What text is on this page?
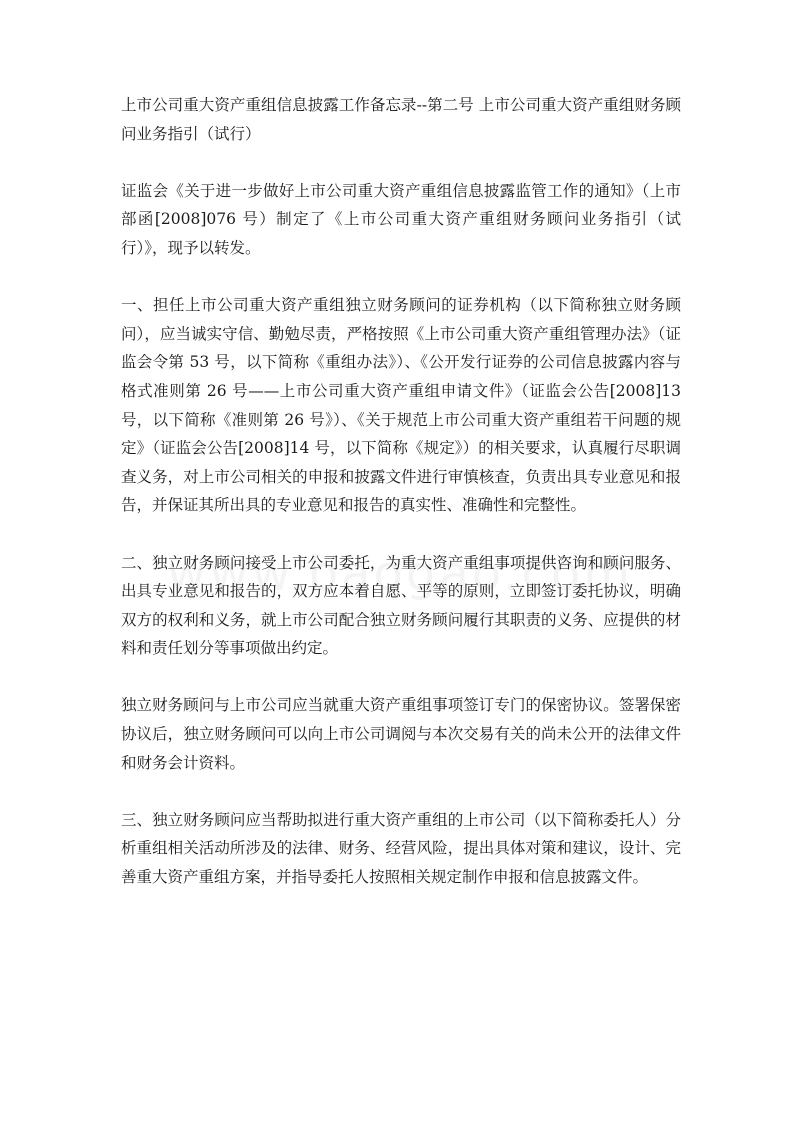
上市公司重大资产重组信息披露工作备忘录--第二号 上市公司重大资产重组财务顾问业务指引（试行）

证监会《关于进一步做好上市公司重大资产重组信息披露监管工作的通知》（上市部函[2008]076 号）制定了《上市公司重大资产重组财务顾问业务指引（试行）》，现予以转发。

一、担任上市公司重大资产重组独立财务顾问的证券机构（以下简称独立财务顾问），应当诚实守信、勤勉尽责，严格按照《上市公司重大资产重组管理办法》（证监会令第 53 号，以下简称《重组办法》）、《公开发行证券的公司信息披露内容与格式准则第 26 号——上市公司重大资产重组申请文件》（证监会公告[2008]13 号，以下简称《准则第 26 号》）、《关于规范上市公司重大资产重组若干问题的规定》（证监会公告[2008]14 号，以下简称《规定》）的相关要求，认真履行尽职调查义务，对上市公司相关的申报和披露文件进行审慎核查，负责出具专业意见和报告，并保证其所出具的专业意见和报告的真实性、准确性和完整性。

二、独立财务顾问接受上市公司委托，为重大资产重组事项提供咨询和顾问服务、出具专业意见和报告的，双方应本着自愿、平等的原则，立即签订委托协议，明确双方的权利和义务，就上市公司配合独立财务顾问履行其职责的义务、应提供的材料和责任划分等事项做出约定。

独立财务顾问与上市公司应当就重大资产重组事项签订专门的保密协议。签署保密协议后，独立财务顾问可以向上市公司调阅与本次交易有关的尚未公开的法律文件和财务会计资料。

三、独立财务顾问应当帮助拟进行重大资产重组的上市公司（以下简称委托人）分析重组相关活动所涉及的法律、财务、经营风险，提出具体对策和建议，设计、完善重大资产重组方案，并指导委托人按照相关规定制作申报和信息披露文件。
